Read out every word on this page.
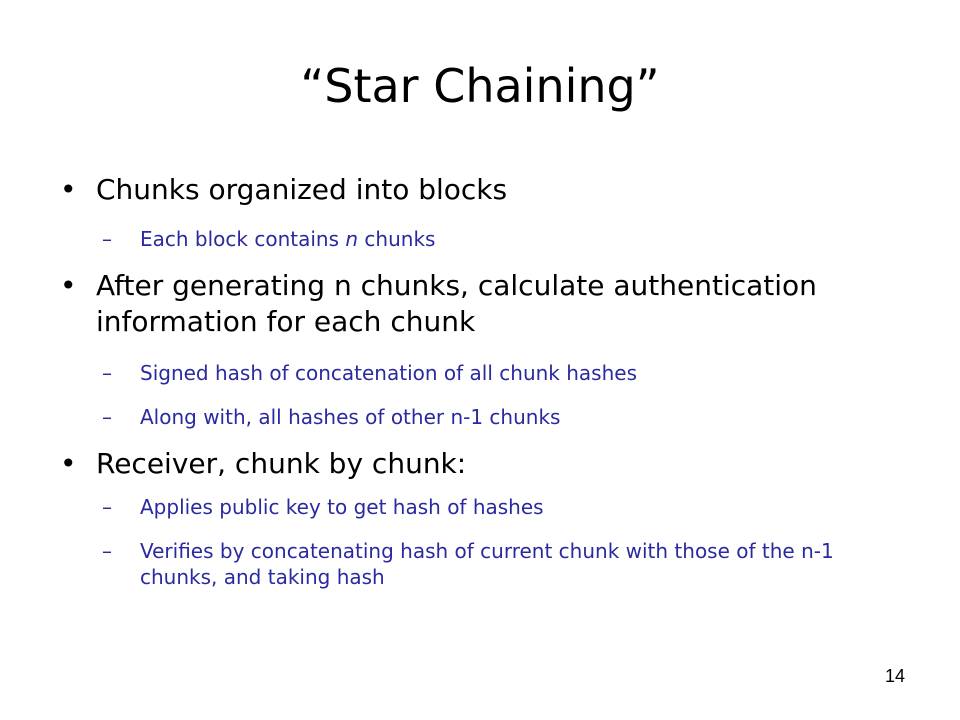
“Star Chaining”
• Chunks organized into blocks
–	Each block contains n chunks
• After generating n chunks, calculate authentication information for each chunk
–	Signed hash of concatenation of all chunk hashes
–	Along with, all hashes of other n-1 chunks
• Receiver, chunk by chunk:
–	Applies public key to get hash of hashes
–	Verifies by concatenating hash of current chunk with those of the n-1 chunks, and taking hash
14
